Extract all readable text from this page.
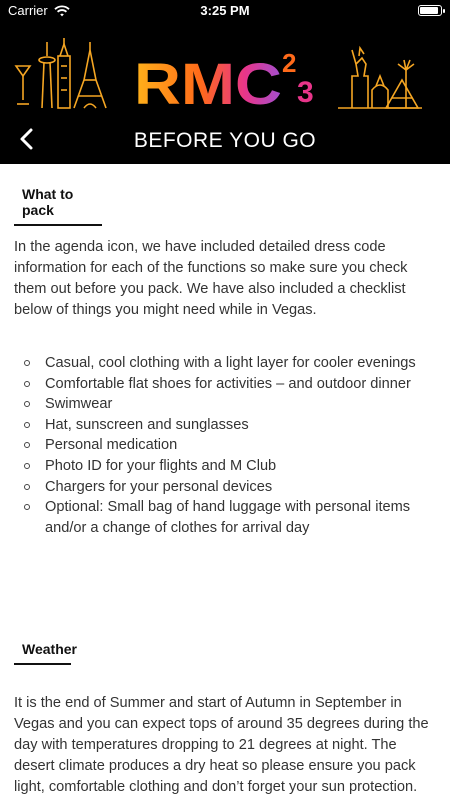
Carrier	3:25 PM
RMC 2
3
BEFORE YOU GO
What to pack
In the agenda icon, we have included detailed dress code information for each of the functions so make sure you check them out before you pack. We have also included a checklist below of things you might need while in Vegas.
Casual, cool clothing with a light layer for cooler evenings
Comfortable flat shoes for activities – and outdoor dinner
Swimwear
Hat, sunscreen and sunglasses
Personal medication
Photo ID for your flights and M Club
Chargers for your personal devices
Optional: Small bag of hand luggage with personal items and/or a change of clothes for arrival day
Weather
It is the end of Summer and start of Autumn in September in Vegas and you can expect tops of around 35 degrees during the day with temperatures dropping to 21 degrees at night. The desert climate produces a dry heat so please ensure you pack light, comfortable clothing and don’t forget your sun protection.
